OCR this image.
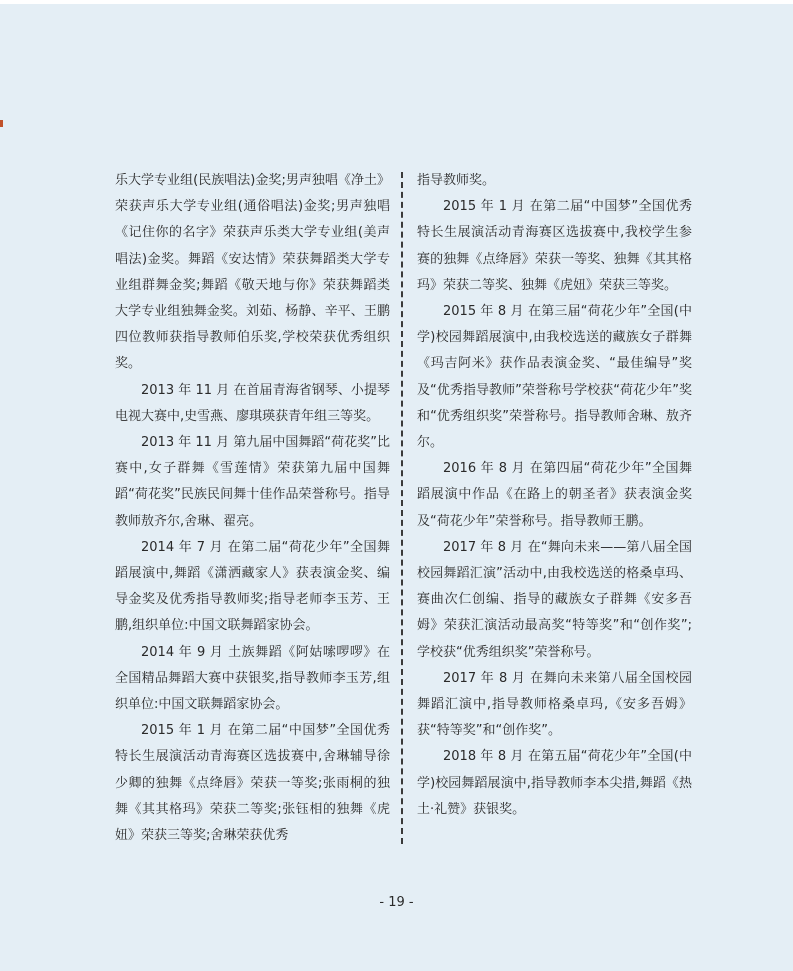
乐大学专业组(民族唱法)金奖;男声独唱《净土》荣获声乐大学专业组(通俗唱法)金奖;男声独唱《记住你的名字》荣获声乐类大学专业组(美声唱法)金奖。舞蹈《安达情》荣获舞蹈类大学专业组群舞金奖;舞蹈《敬天地与你》荣获舞蹈类大学专业组独舞金奖。刘茹、杨静、辛平、王鹏四位教师获指导教师伯乐奖,学校荣获优秀组织奖。

2013 年 11 月 在首届青海省钢琴、小提琴电视大赛中,史雪燕、廖琪瑛获青年组三等奖。

2013 年 11 月 第九届中国舞蹈“荷花奖”比赛中,女子群舞《雪莲情》荣获第九届中国舞蹈“荷花奖”民族民间舞十佳作品荣誉称号。指导教师敖齐尔,舍琳、翟亮。

2014 年 7 月 在第二届“荷花少年”全国舞蹈展演中,舞蹈《潇洒藏家人》获表演金奖、编导金奖及优秀指导教师奖;指导老师李玉芳、王鹏,组织单位:中国文联舞蹈家协会。

2014 年 9 月 土族舞蹈《阿姑嗦啰啰》在全国精品舞蹈大赛中获银奖,指导教师李玉芳,组织单位:中国文联舞蹈家协会。

2015 年 1 月 在第二届“中国梦”全国优秀特长生展演活动青海赛区选拔赛中,舍琳辅导徐少卿的独舞《点绛唇》荣获一等奖;张雨桐的独舞《其其格玛》荣获二等奖;张钰相的独舞《虎妞》荣获三等奖;舍琳荣获优秀

指导教师奖。

2015 年 1 月 在第二届“中国梦”全国优秀特长生展演活动青海赛区选拔赛中,我校学生参赛的独舞《点绛唇》荣获一等奖、独舞《其其格玛》荣获二等奖、独舞《虎妞》荣获三等奖。

2015 年 8 月 在第三届“荷花少年”全国(中学)校园舞蹈展演中,由我校选送的藏族女子群舞《玛吉阿米》获作品表演金奖、“最佳编导”奖及“优秀指导教师”荣誉称号学校获“荷花少年”奖和“优秀组织奖”荣誉称号。指导教师舍琳、敖齐尔。

2016 年 8 月 在第四届“荷花少年”全国舞蹈展演中作品《在路上的朝圣者》获表演金奖及“荷花少年”荣誉称号。指导教师王鹏。

2017 年 8 月 在“舞向未来——第八届全国校园舞蹈汇演”活动中,由我校选送的格桑卓玛、赛曲次仁创编、指导的藏族女子群舞《安多吾姆》荣获汇演活动最高奖“特等奖”和“创作奖”;学校获“优秀组织奖”荣誉称号。

2017 年 8 月 在舞向未来第八届全国校园舞蹈汇演中,指导教师格桑卓玛,《安多吾姆》获“特等奖”和“创作奖”。

2018 年 8 月 在第五届“荷花少年”全国(中学)校园舞蹈展演中,指导教师李本尖措,舞蹈《热土·礼赞》获银奖。

- 19 -
